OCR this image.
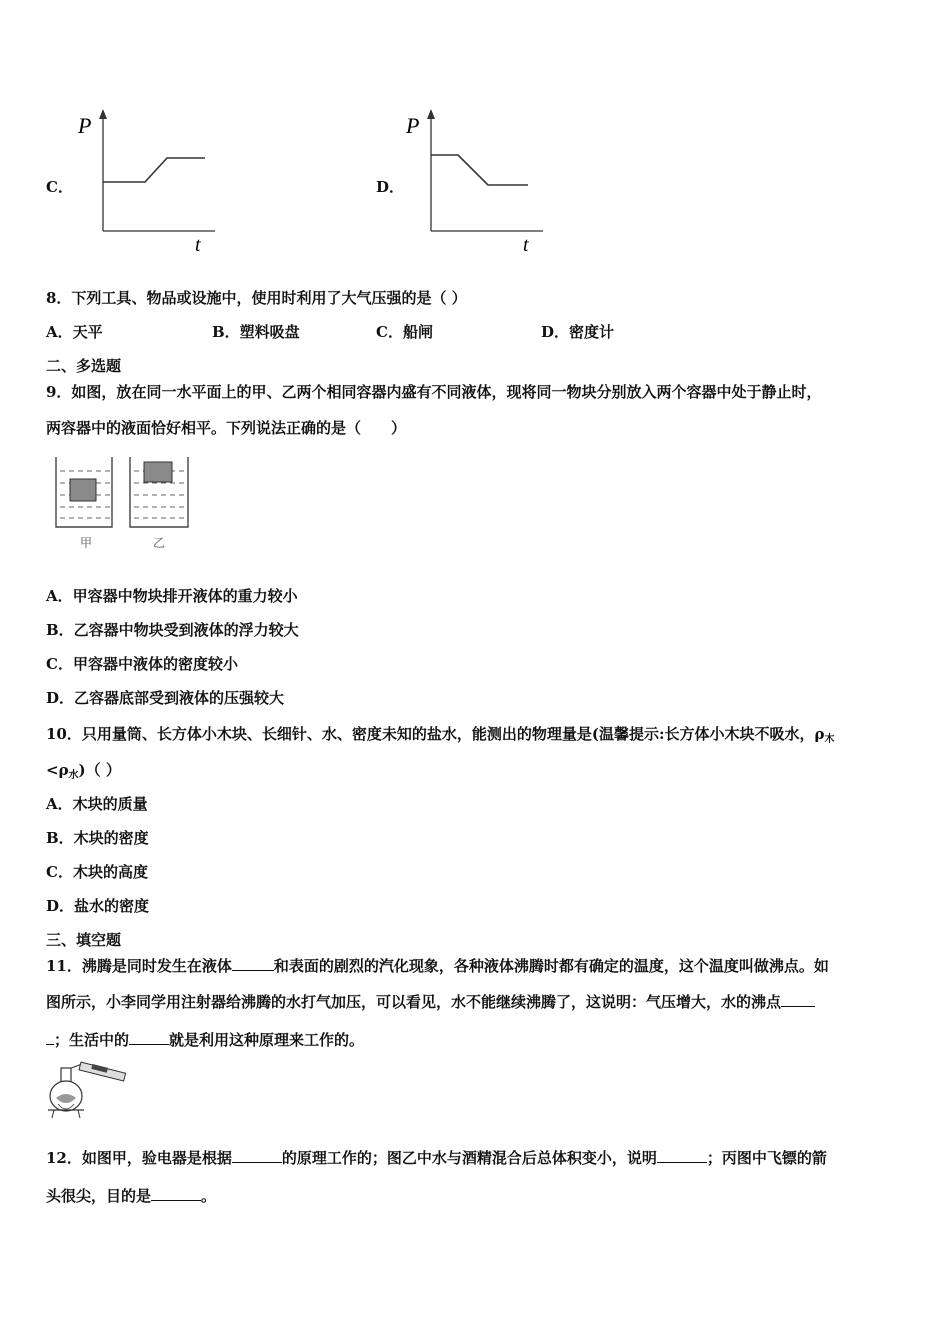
C．
P
t
D．
P
t
8．下列工具、物品或设施中，使用时利用了大气压强的是（ ）
A．天平	B．塑料吸盘	C．船闸	D．密度计
二、多选题
9．如图，放在同一水平面上的甲、乙两个相同容器内盛有不同液体，现将同一物块分别放入两个容器中处于静止时，
两容器中的液面恰好相平。下列说法正确的是（　　）
甲	乙
A．甲容器中物块排开液体的重力较小
B．乙容器中物块受到液体的浮力较大
C．甲容器中液体的密度较小
D．乙容器底部受到液体的压强较大
10．只用量筒、长方体小木块、长细针、水、密度未知的盐水，能测出的物理量是(温馨提示:长方体小木块不吸水，$\rho_木$
$<\rho_水$)（ ）
A．木块的质量
B．木块的密度
C．木块的高度
D．盐水的密度
三、填空题
11．沸腾是同时发生在液体	和表面的剧烈的汽化现象，各种液体沸腾时都有确定的温度，这个温度叫做沸点。如
图所示，小李同学用注射器给沸腾的水打气加压，可以看见，水不能继续沸腾了，这说明：气压增大，水的沸点
；生活中的	就是利用这种原理来工作的。
12．如图甲，验电器是根据	的原理工作的；图乙中水与酒精混合后总体积变小，说明	；丙图中飞镖的箭
头很尖，目的是	。
